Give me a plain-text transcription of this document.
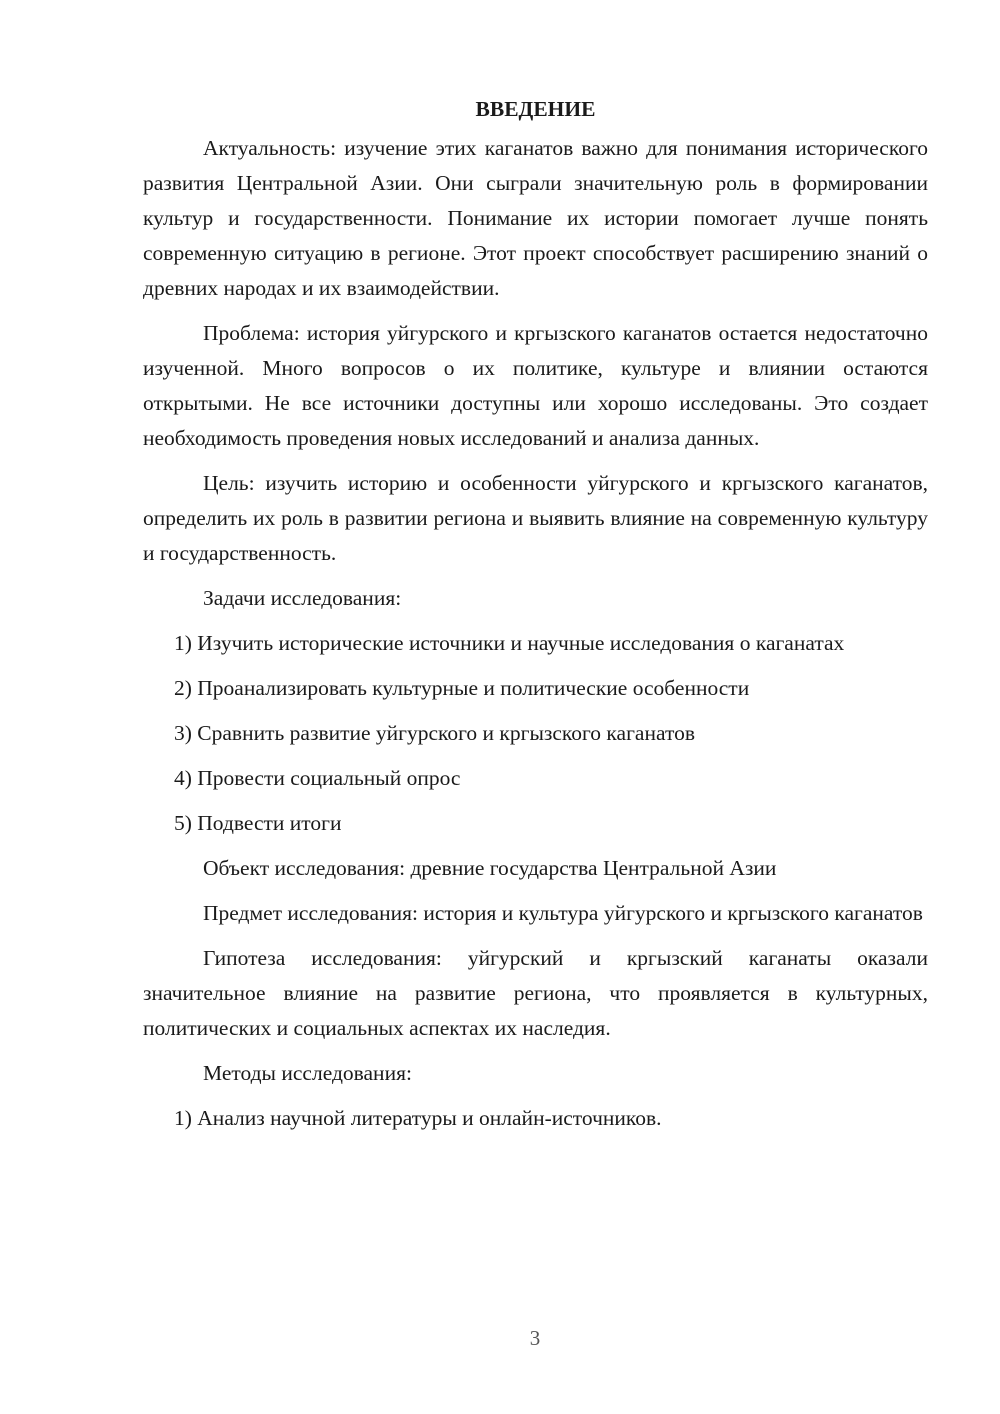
ВВЕДЕНИЕ

Актуальность: изучение этих каганатов важно для понимания исторического развития Центральной Азии. Они сыграли значительную роль в формировании культур и государственности. Понимание их истории помогает лучше понять современную ситуацию в регионе. Этот проект способствует расширению знаний о древних народах и их взаимодействии.

Проблема: история уйгурского и кргызского каганатов остается недостаточно изученной. Много вопросов о их политике, культуре и влиянии остаются открытыми. Не все источники доступны или хорошо исследованы. Это создает необходимость проведения новых исследований и анализа данных.

Цель: изучить историю и особенности уйгурского и кргызского каганатов, определить их роль в развитии региона и выявить влияние на современную культуру и государственность.

Задачи исследования:

1) Изучить исторические источники и научные исследования о каганатах

2) Проанализировать культурные и политические особенности

3) Сравнить развитие уйгурского и кргызского каганатов

4) Провести социальный опрос

5) Подвести итоги

Объект исследования: древние государства Центральной Азии

Предмет исследования: история и культура уйгурского и кргызского каганатов

Гипотеза исследования: уйгурский и кргызский каганаты оказали значительное влияние на развитие региона, что проявляется в культурных, политических и социальных аспектах их наследия.

Методы исследования:

1) Анализ научной литературы и онлайн-источников.

3
